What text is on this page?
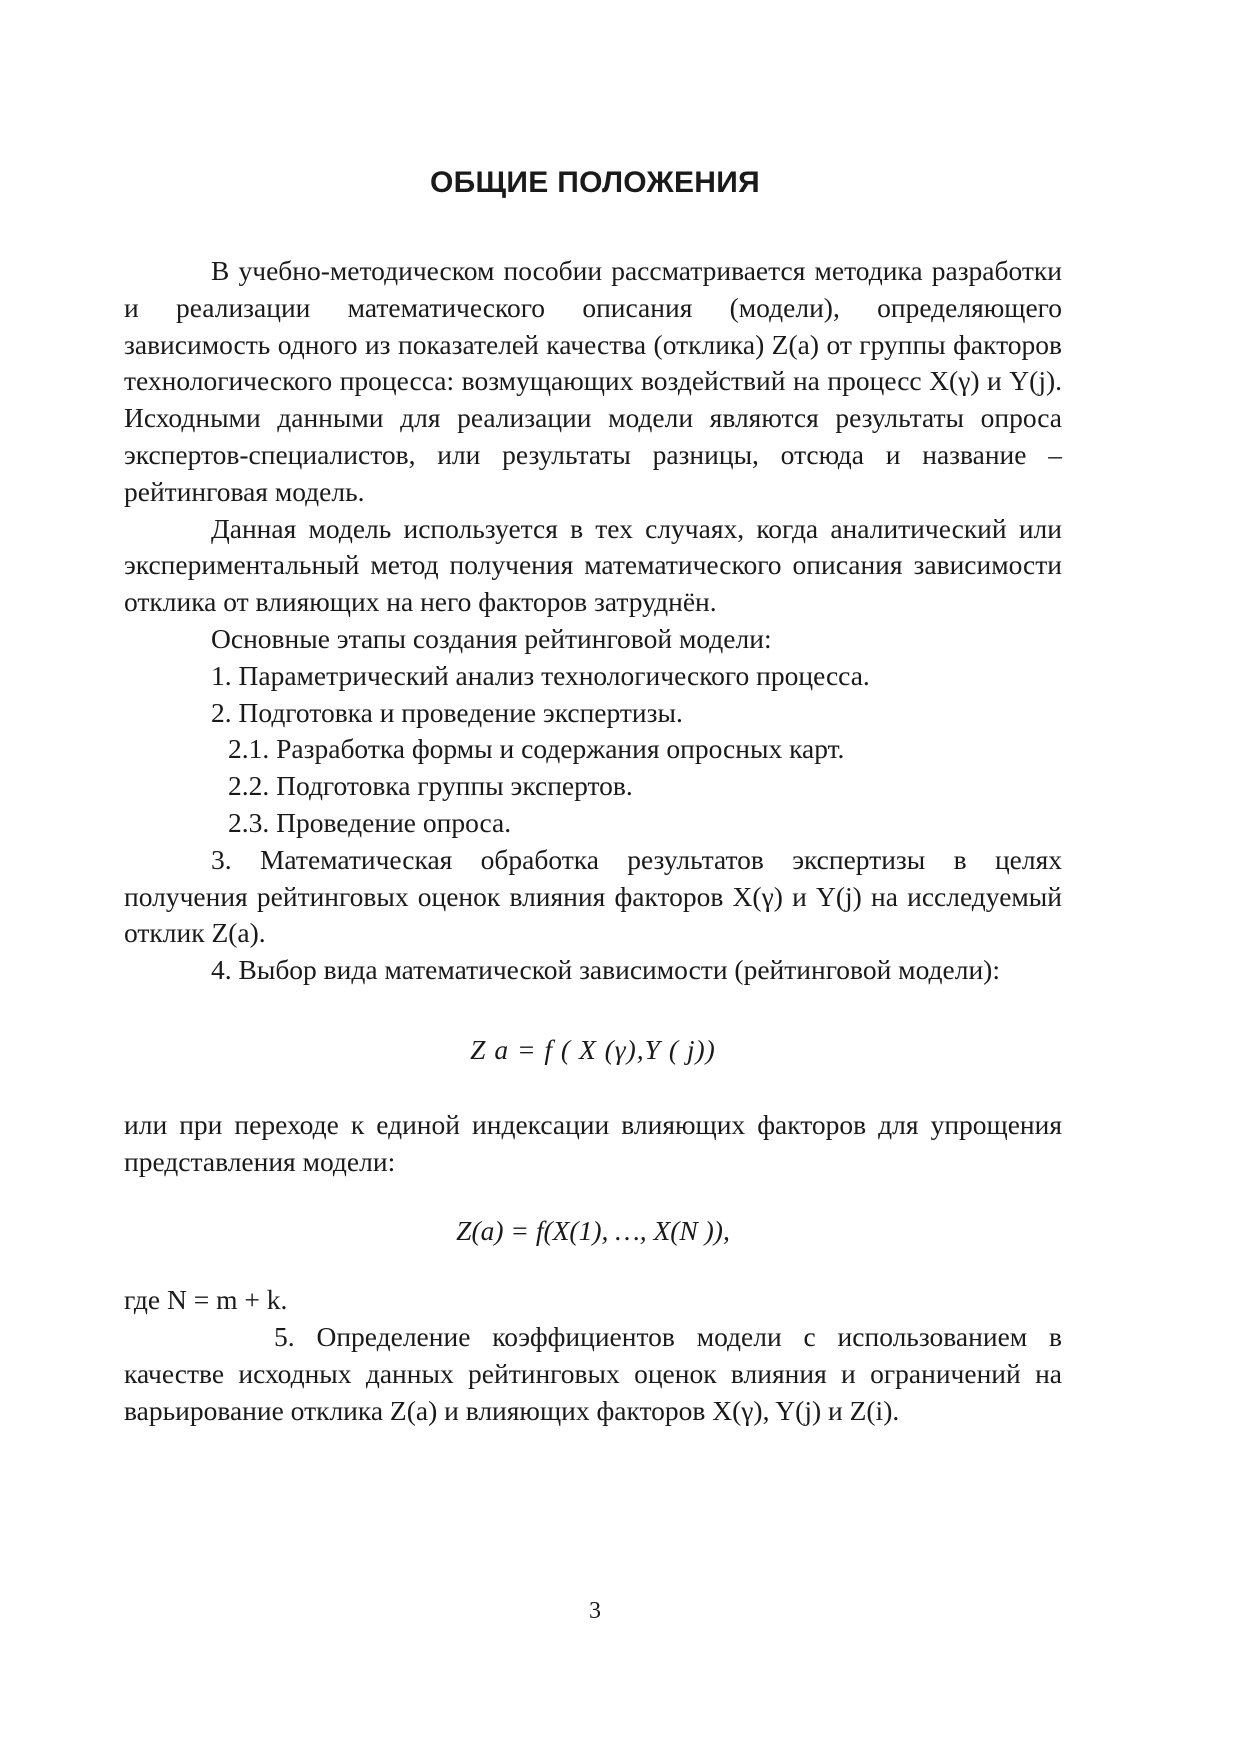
ОБЩИЕ ПОЛОЖЕНИЯ

В учебно-методическом пособии рассматривается методика разработки и реализации математического описания (модели), определяющего зависимость одного из показателей качества (отклика) Z(a) от группы факторов технологического процесса: возмущающих воздействий на процесс X(γ) и Y(j). Исходными данными для реализации модели являются результаты опроса экспертов-специалистов, или результаты разницы, отсюда и название – рейтинговая модель.

Данная модель используется в тех случаях, когда аналитический или экспериментальный метод получения математического описания зависимости отклика от влияющих на него факторов затруднён.

Основные этапы создания рейтинговой модели:

1. Параметрический анализ технологического процесса.

2. Подготовка и проведение экспертизы.

2.1. Разработка формы и содержания опросных карт.

2.2. Подготовка группы экспертов.

2.3. Проведение опроса.

3. Математическая обработка результатов экспертизы в целях получения рейтинговых оценок влияния факторов X(γ) и Y(j) на исследуемый отклик Z(a).

4. Выбор вида математической зависимости (рейтинговой модели):

Z a = f ( X (γ),Y ( j))

или при переходе к единой индексации влияющих факторов для упрощения представления модели:

Z(a) = f(X(1), …, X(N )),

где N = m + k.

5. Определение коэффициентов модели с использованием в качестве исходных данных рейтинговых оценок влияния и ограничений на варьирование отклика Z(a) и влияющих факторов X(γ), Y(j) и Z(i).

3
